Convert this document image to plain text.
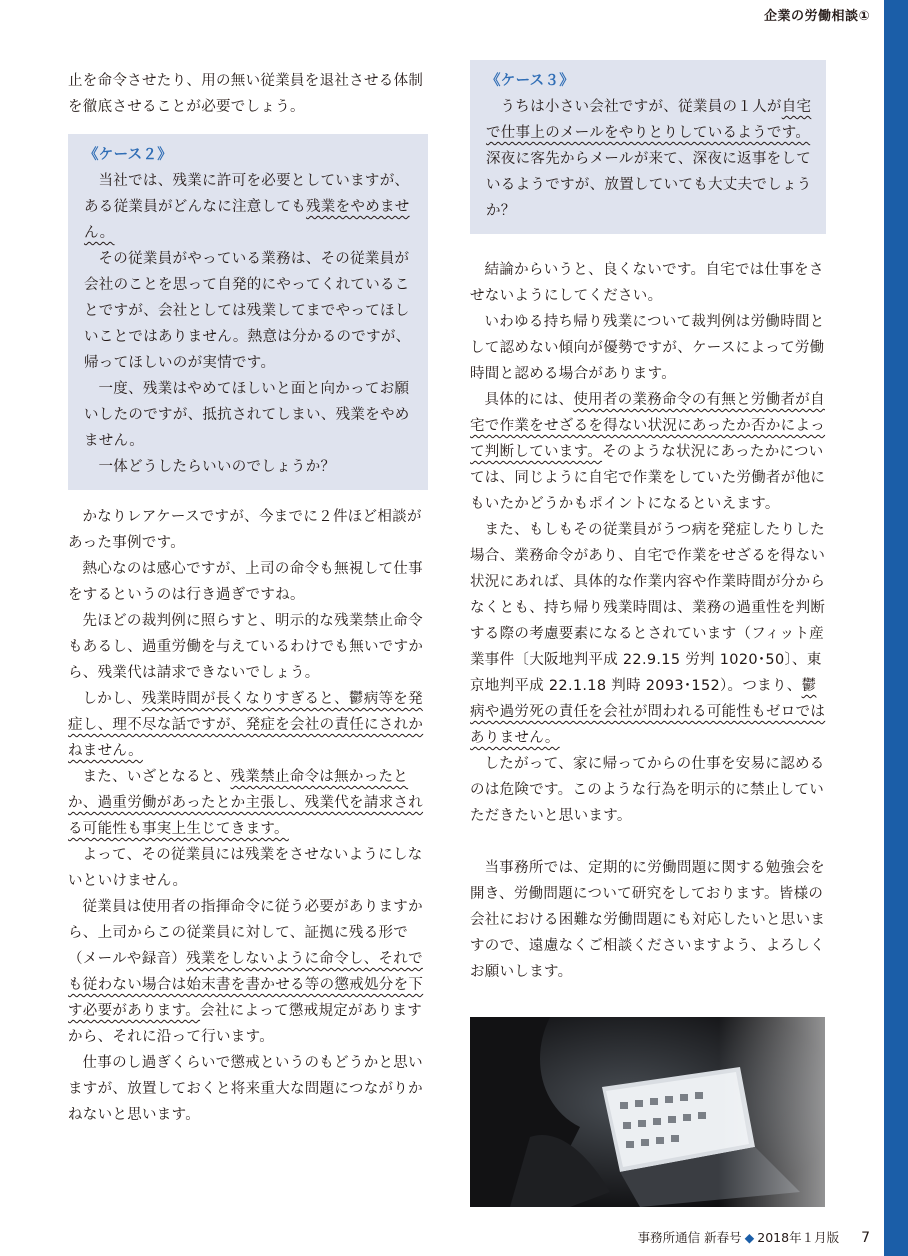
企業の労働相談①

止を命令させたり、用の無い従業員を退社させる体制を徹底させることが必要でしょう。

《ケース２》

当社では、残業に許可を必要としていますが、ある従業員がどんなに注意しても残業をやめません。

その従業員がやっている業務は、その従業員が会社のことを思って自発的にやってくれていることですが、会社としては残業してまでやってほしいことではありません。熱意は分かるのですが、帰ってほしいのが実情です。

一度、残業はやめてほしいと面と向かってお願いしたのですが、抵抗されてしまい、残業をやめません。

一体どうしたらいいのでしょうか？

かなりレアケースですが、今までに２件ほど相談があった事例です。

熱心なのは感心ですが、上司の命令も無視して仕事をするというのは行き過ぎですね。

先ほどの裁判例に照らすと、明示的な残業禁止命令もあるし、過重労働を与えているわけでも無いですから、残業代は請求できないでしょう。

しかし、残業時間が長くなりすぎると、鬱病等を発症し、理不尽な話ですが、発症を会社の責任にされかねません。

また、いざとなると、残業禁止命令は無かったとか、過重労働があったとか主張し、残業代を請求される可能性も事実上生じてきます。

よって、その従業員には残業をさせないようにしないといけません。

従業員は使用者の指揮命令に従う必要がありますから、上司からこの従業員に対して、証拠に残る形で（メールや録音）残業をしないように命令し、それでも従わない場合は始末書を書かせる等の懲戒処分を下す必要があります。会社によって懲戒規定がありますから、それに沿って行います。

仕事のし過ぎくらいで懲戒というのもどうかと思いますが、放置しておくと将来重大な問題につながりかねないと思います。

《ケース３》

うちは小さい会社ですが、従業員の１人が自宅で仕事上のメールをやりとりしているようです。深夜に客先からメールが来て、深夜に返事をしているようですが、放置していても大丈夫でしょうか？

結論からいうと、良くないです。自宅では仕事をさせないようにしてください。

いわゆる持ち帰り残業について裁判例は労働時間として認めない傾向が優勢ですが、ケースによって労働時間と認める場合があります。

具体的には、使用者の業務命令の有無と労働者が自宅で作業をせざるを得ない状況にあったか否かによって判断しています。そのような状況にあったかについては、同じように自宅で作業をしていた労働者が他にもいたかどうかもポイントになるといえます。

また、もしもその従業員がうつ病を発症したりした場合、業務命令があり、自宅で作業をせざるを得ない状況にあれば、具体的な作業内容や作業時間が分からなくとも、持ち帰り残業時間は、業務の過重性を判断する際の考慮要素になるとされています（フィット産業事件〔大阪地判平成 22.9.15 労判 1020･50〕、東京地判平成 22.1.18 判時 2093･152）。つまり、鬱病や過労死の責任を会社が問われる可能性もゼロではありません。

したがって、家に帰ってからの仕事を安易に認めるのは危険です。このような行為を明示的に禁止していただきたいと思います。

当事務所では、定期的に労働問題に関する勉強会を開き、労働問題について研究をしております。皆様の会社における困難な労働問題にも対応したいと思いますので、遠慮なくご相談くださいますよう、よろしくお願いします。

事務所通信 新春号 ◆ 2018年１月版 7
